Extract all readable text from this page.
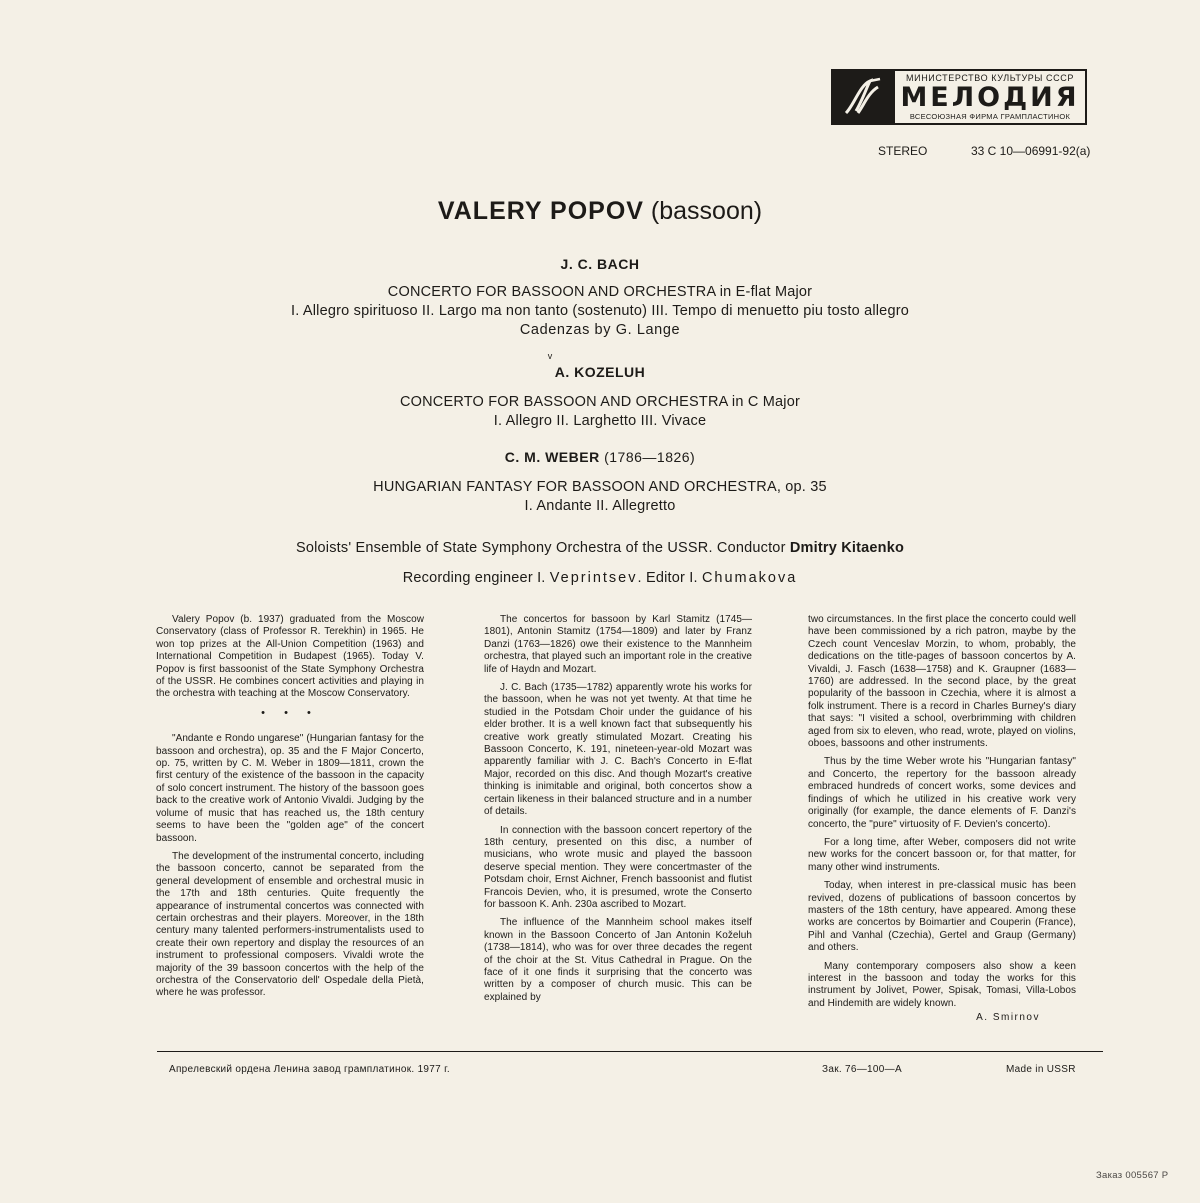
МИНИСТЕРСТВО КУЛЬТУРЫ СССР
МЕЛОДИЯ
ВСЕСОЮЗНАЯ ФИРМА ГРАМПЛАСТИНОК
STEREO	33 С 10—06991-92(a)
VALERY POPOV (bassoon)
J. C. BACH
CONCERTO FOR BASSOON AND ORCHESTRA in E-flat Major
I. Allegro spirituoso II. Largo ma non tanto (sostenuto) III. Tempo di menuetto piu tosto allegro
Cadenzas by G. Lange
v
A. KOZELUH
CONCERTO FOR BASSOON AND ORCHESTRA in C Major
I. Allegro II. Larghetto III. Vivace
C. M. WEBER (1786—1826)
HUNGARIAN FANTASY FOR BASSOON AND ORCHESTRA, op. 35
I. Andante II. Allegretto
Soloists' Ensemble of State Symphony Orchestra of the USSR. Conductor Dmitry Kitaenko
Recording engineer I. Veprintsev. Editor I. Chumakova

Valery Popov (b. 1937) graduated from the Moscow Conservatory (class of Professor R. Terekhin) in 1965. He won top prizes at the All-Union Competition (1963) and International Competition in Budapest (1965). Today V. Popov is first bassoonist of the State Symphony Orchestra of the USSR. He combines concert activities and playing in the orchestra with teaching at the Moscow Conservatory.

• • •

"Andante e Rondo ungarese" (Hungarian fantasy for the bassoon and orchestra), op. 35 and the F Major Concerto, op. 75, written by C. M. Weber in 1809—1811, crown the first century of the existence of the bassoon in the capacity of solo concert instrument. The history of the bassoon goes back to the creative work of Antonio Vivaldi. Judging by the volume of music that has reached us, the 18th century seems to have been the "golden age" of the concert bassoon.

The development of the instrumental concerto, including the bassoon concerto, cannot be separated from the general development of ensemble and orchestral music in the 17th and 18th centuries. Quite frequently the appearance of instrumental concertos was connected with certain orchestras and their players. Moreover, in the 18th century many talented performers-instrumentalists used to create their own repertory and display the resources of an instrument to professional composers. Vivaldi wrote the majority of the 39 bassoon concertos with the help of the orchestra of the Conservatorio dell' Ospedale della Pietà, where he was professor.

The concertos for bassoon by Karl Stamitz (1745—1801), Antonin Stamitz (1754—1809) and later by Franz Danzi (1763—1826) owe their existence to the Mannheim orchestra, that played such an important role in the creative life of Haydn and Mozart.

J. C. Bach (1735—1782) apparently wrote his works for the bassoon, when he was not yet twenty. At that time he studied in the Potsdam Choir under the guidance of his elder brother. It is a well known fact that subsequently his creative work greatly stimulated Mozart. Creating his Bassoon Concerto, K. 191, nineteen-year-old Mozart was apparently familiar with J. C. Bach's Concerto in E-flat Major, recorded on this disc. And though Mozart's creative thinking is inimitable and original, both concertos show a certain likeness in their balanced structure and in a number of details.

In connection with the bassoon concert repertory of the 18th century, presented on this disc, a number of musicians, who wrote music and played the bassoon deserve special mention. They were concertmaster of the Potsdam choir, Ernst Aichner, French bassoonist and flutist Francois Devien, who, it is presumed, wrote the Conserto for bassoon K. Anh. 230a ascribed to Mozart.

The influence of the Mannheim school makes itself known in the Bassoon Concerto of Jan Antonin Koželuh (1738—1814), who was for over three decades the regent of the choir at the St. Vitus Cathedral in Prague. On the face of it one finds it surprising that the concerto was written by a composer of church music. This can be explained by

two circumstances. In the first place the concerto could well have been commissioned by a rich patron, maybe by the Czech count Venceslav Morzin, to whom, probably, the dedications on the title-pages of bassoon concertos by A. Vivaldi, J. Fasch (1638—1758) and K. Graupner (1683—1760) are addressed. In the second place, by the great popularity of the bassoon in Czechia, where it is almost a folk instrument. There is a record in Charles Burney's diary that says: "I visited a school, overbrimming with children aged from six to eleven, who read, wrote, played on violins, oboes, bassoons and other instruments.

Thus by the time Weber wrote his "Hungarian fantasy" and Concerto, the repertory for the bassoon already embraced hundreds of concert works, some devices and findings of which he utilized in his creative work very originally (for example, the dance elements of F. Danzi's concerto, the "pure" virtuosity of F. Devien's concerto).

For a long time, after Weber, composers did not write new works for the concert bassoon or, for that matter, for many other wind instruments.

Today, when interest in pre-classical music has been revived, dozens of publications of bassoon concertos by masters of the 18th century, have appeared. Among these works are concertos by Boimartier and Couperin (France), Pihl and Vanhal (Czechia), Gertel and Graup (Germany) and others.

Many contemporary composers also show a keen interest in the bassoon and today the works for this instrument by Jolivet, Power, Spisak, Tomasi, Villa-Lobos and Hindemith are widely known.

A. Smirnov
Апрелевский ордена Ленина завод грамплатинок. 1977 г.	Зак. 76—100—А	Made in USSR
Заказ 005567 Р
